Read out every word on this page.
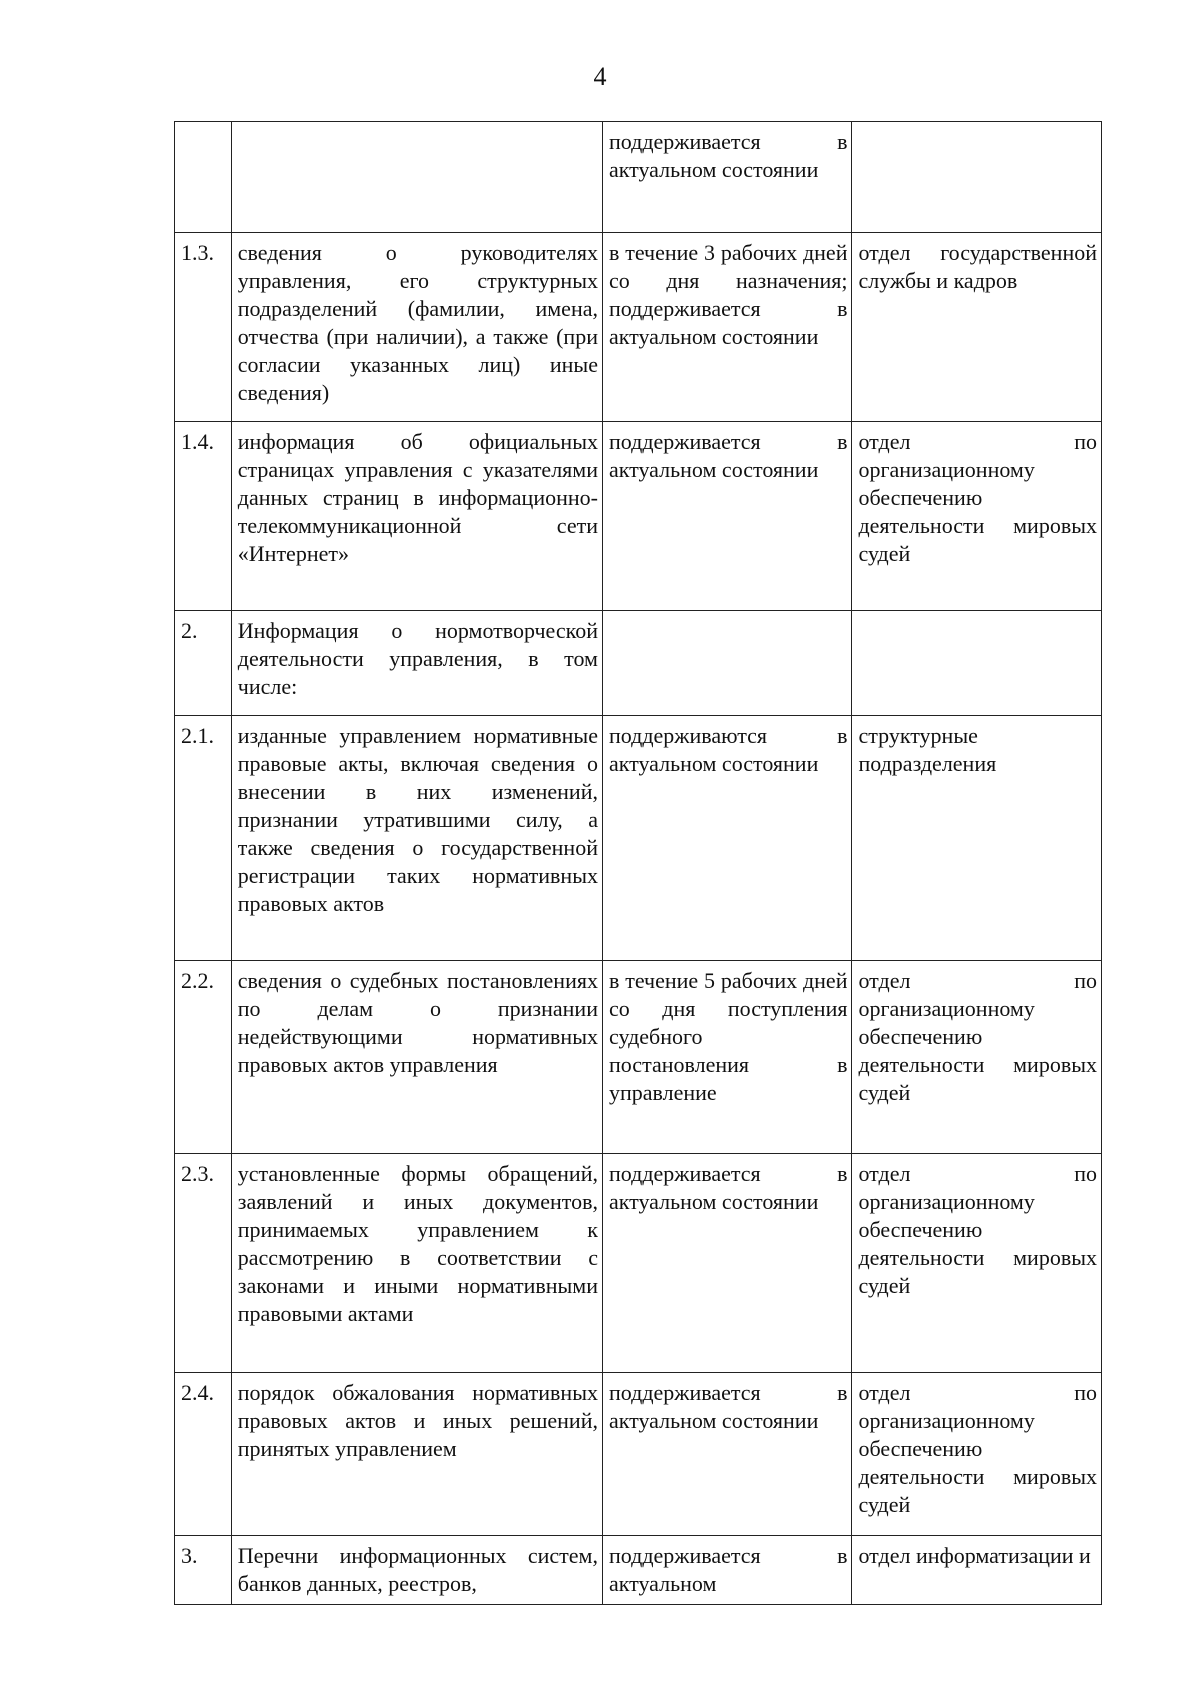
4
		поддерживается в актуальном состоянии	
1.3.	сведения о руководителях управления, его структурных подразделений (фамилии, имена, отчества (при наличии), а также (при согласии указанных лиц) иные сведения)	в течение 3 рабочих дней со дня назначения; поддерживается в актуальном состоянии	отдел государственной службы и кадров
1.4.	информация об официальных страницах управления с указателями данных страниц в информационно-телекоммуникационной сети «Интернет»	поддерживается в актуальном состоянии	отдел по организационному обеспечению деятельности мировых судей
2.	Информация о нормотворческой деятельности управления, в том числе:		
2.1.	изданные управлением нормативные правовые акты, включая сведения о внесении в них изменений, признании утратившими силу, а также сведения о государственной регистрации таких нормативных правовых актов	поддерживаются в актуальном состоянии	структурные подразделения
2.2.	сведения о судебных постановлениях по делам о признании недействующими нормативных правовых актов управления	в течение 5 рабочих дней со дня поступления судебного постановления в управление	отдел по организационному обеспечению деятельности мировых судей
2.3.	установленные формы обращений, заявлений и иных документов, принимаемых управлением к рассмотрению в соответствии с законами и иными нормативными правовыми актами	поддерживается в актуальном состоянии	отдел по организационному обеспечению деятельности мировых судей
2.4.	порядок обжалования нормативных правовых актов и иных решений, принятых управлением	поддерживается в актуальном состоянии	отдел по организационному обеспечению деятельности мировых судей
3.	Перечни информационных систем, банков данных, реестров,	поддерживается в актуальном	отдел информатизации и
